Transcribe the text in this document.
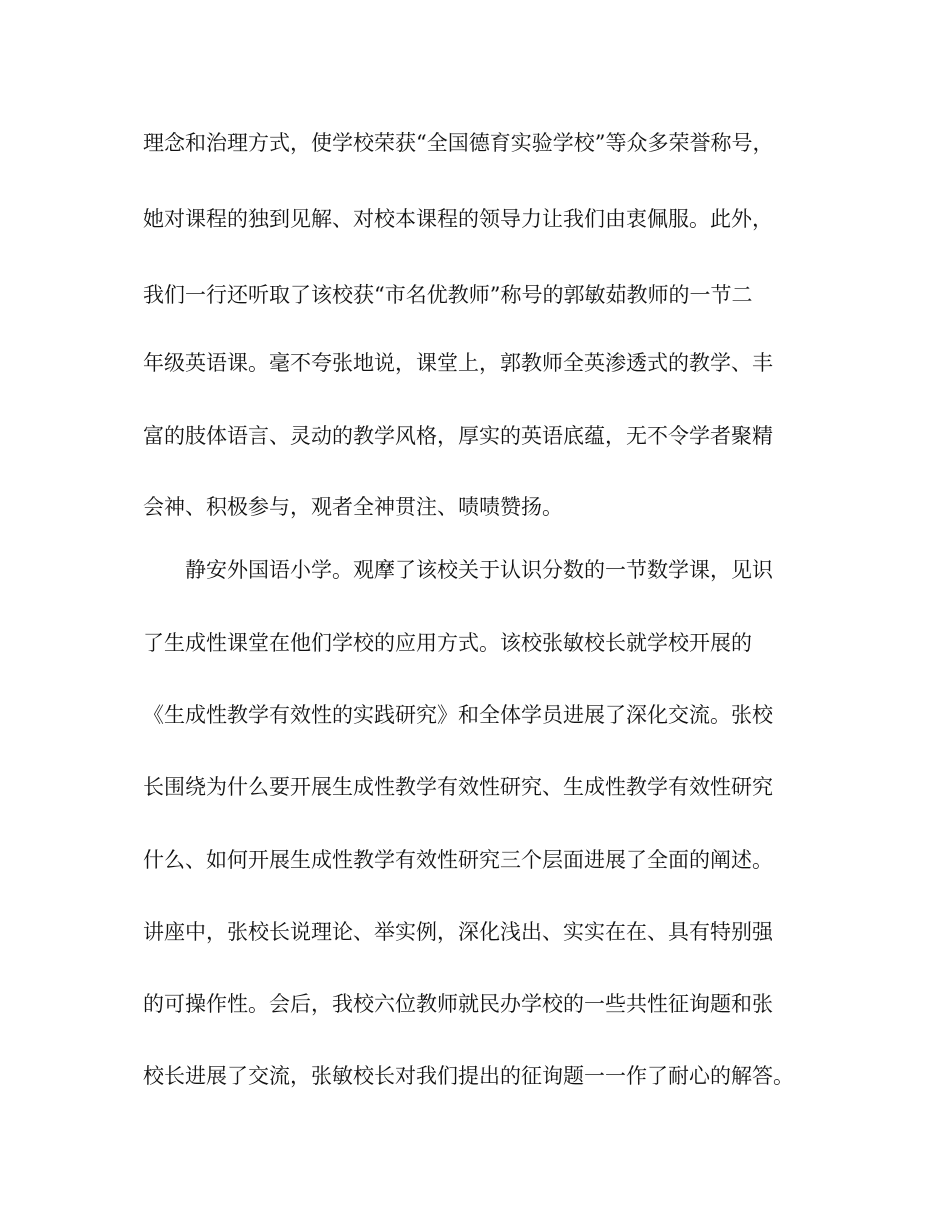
理念和治理方式，使学校荣获“全国德育实验学校”等众多荣誉称号，
她对课程的独到见解、对校本课程的领导力让我们由衷佩服。此外，
我们一行还听取了该校获“市名优教师”称号的郭敏茹教师的一节二
年级英语课。毫不夸张地说，课堂上，郭教师全英渗透式的教学、丰
富的肢体语言、灵动的教学风格，厚实的英语底蕴，无不令学者聚精
会神、积极参与，观者全神贯注、啧啧赞扬。
静安外国语小学。观摩了该校关于认识分数的一节数学课，见识
了生成性课堂在他们学校的应用方式。该校张敏校长就学校开展的
《生成性教学有效性的实践研究》和全体学员进展了深化交流。张校
长围绕为什么要开展生成性教学有效性研究、生成性教学有效性研究
什么、如何开展生成性教学有效性研究三个层面进展了全面的阐述。
讲座中，张校长说理论、举实例，深化浅出、实实在在、具有特别强
的可操作性。会后，我校六位教师就民办学校的一些共性征询题和张
校长进展了交流，张敏校长对我们提出的征询题一一作了耐心的解答。
